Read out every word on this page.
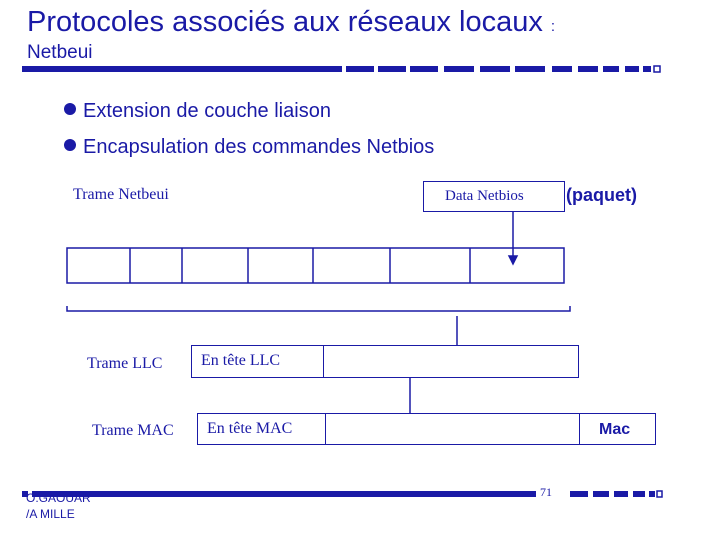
Protocoles associés aux réseaux locaux :
Netbeui
Extension de couche liaison
Encapsulation des commandes Netbios
Trame Netbeui	Data Netbios (paquet)
Trame LLC En tête LLC
Trame MAC En tête MAC	Mac
O.GAOUAR
/A MILLE
71
